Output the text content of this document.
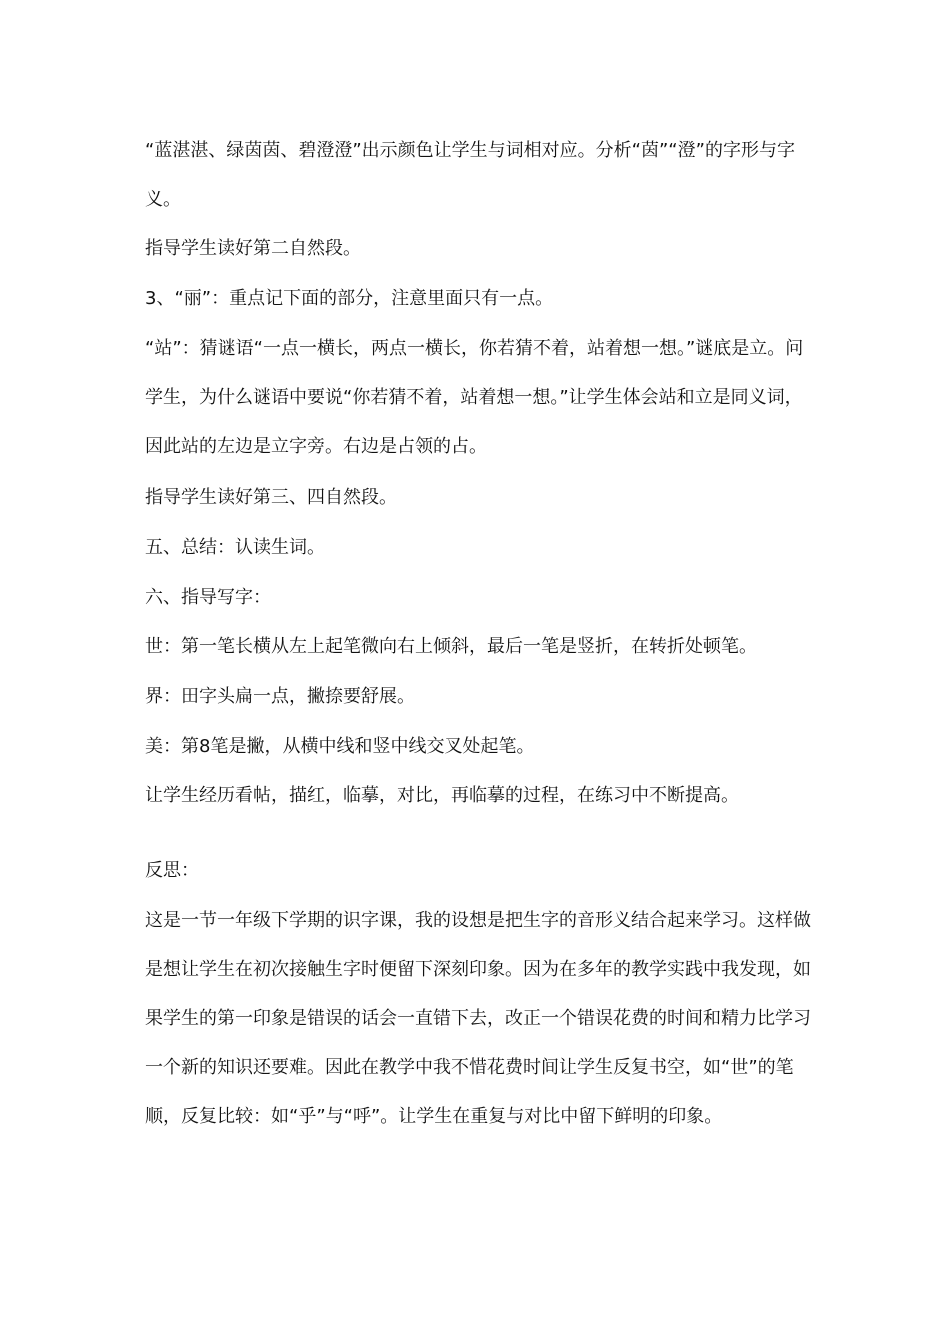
“蓝湛湛、绿茵茵、碧澄澄”出示颜色让学生与词相对应。分析“茵”“澄”的字形与字义。

指导学生读好第二自然段。

3、“丽”：重点记下面的部分，注意里面只有一点。

“站”：猜谜语“一点一横长，两点一横长，你若猜不着，站着想一想。”谜底是立。问学生，为什么谜语中要说“你若猜不着，站着想一想。”让学生体会站和立是同义词，因此站的左边是立字旁。右边是占领的占。

指导学生读好第三、四自然段。

五、总结：认读生词。

六、指导写字：

世：第一笔长横从左上起笔微向右上倾斜，最后一笔是竖折，在转折处顿笔。

界：田字头扁一点，撇捺要舒展。

美：第8笔是撇，从横中线和竖中线交叉处起笔。

让学生经历看帖，描红，临摹，对比，再临摹的过程，在练习中不断提高。

反思：

这是一节一年级下学期的识字课，我的设想是把生字的音形义结合起来学习。这样做是想让学生在初次接触生字时便留下深刻印象。因为在多年的教学实践中我发现，如果学生的第一印象是错误的话会一直错下去，改正一个错误花费的时间和精力比学习一个新的知识还要难。因此在教学中我不惜花费时间让学生反复书空，如“世”的笔顺，反复比较：如“乎”与“呼”。让学生在重复与对比中留下鲜明的印象。
